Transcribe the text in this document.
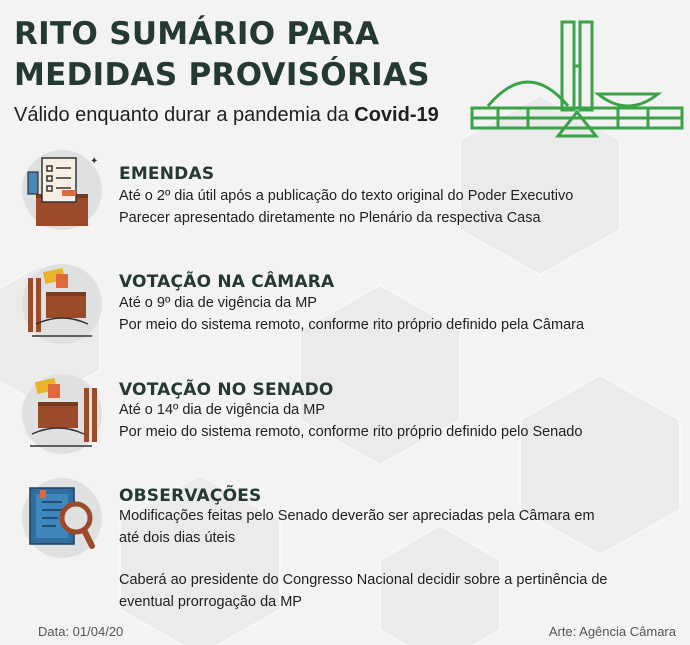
RITO SUMÁRIO PARA
MEDIDAS PROVISÓRIAS
Válido enquanto durar a pandemia da Covid-19
✦
EMENDAS
Até o 2º dia útil após a publicação do texto original do Poder Executivo
Parecer apresentado diretamente no Plenário da respectiva Casa
VOTAÇÃO NA CÂMARA
Até o 9º dia de vigência da MP
Por meio do sistema remoto, conforme rito próprio definido pela Câmara
VOTAÇÃO NO SENADO
Até o 14º dia de vigência da MP
Por meio do sistema remoto, conforme rito próprio definido pelo Senado
OBSERVAÇÕES
Modificações feitas pelo Senado deverão ser apreciadas pela Câmara em
até dois dias úteis
Caberá ao presidente do Congresso Nacional decidir sobre a pertinência de
eventual prorrogação da MP
Data: 01/04/20	Arte: Agência Câmara
